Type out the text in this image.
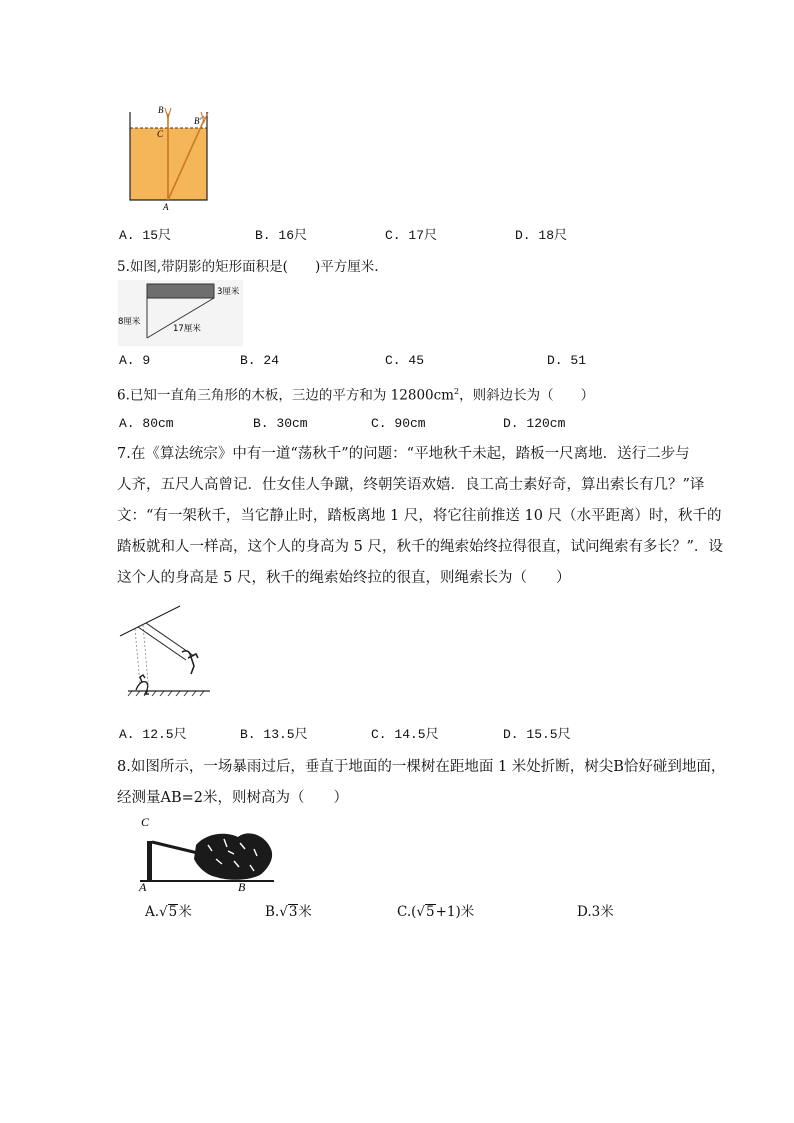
B
C
B′
A
A. 15尺	B. 16尺	C. 17尺	D. 18尺
5.如图,带阴影的矩形面积是(　　)平方厘米.
3厘米
8厘米
17厘米
A. 9	B. 24	C. 45	D. 51
6.已知一直角三角形的木板，三边的平方和为 $12800cm^2$，则斜边长为（　　）
A. 80cm	B. 30cm	C. 90cm	D. 120cm
7.在《算法统宗》中有一道“荡秋千”的问题：“平地秋千未起，踏板一尺离地．送行二步与
人齐，五尺人高曾记．仕女佳人争蹴，终朝笑语欢嬉．良工高士素好奇，算出索长有几？”译
文：“有一架秋千，当它静止时，踏板离地 1 尺，将它往前推送 10 尺（水平距离）时，秋千的
踏板就和人一样高，这个人的身高为 5 尺，秋千的绳索始终拉得很直，试问绳索有多长？”．设
这个人的身高是 5 尺，秋千的绳索始终拉的很直，则绳索长为（　　）
A. 12.5尺	B. 13.5尺	C. 14.5尺	D. 15.5尺
8.如图所示，一场暴雨过后，垂直于地面的一棵树在距地面 1 米处折断，树尖B恰好碰到地面，
经测量AB=2米，则树高为（　　）
C
A	B
A.√5米	B.√3米	C.(√5+1)米	D.3米
